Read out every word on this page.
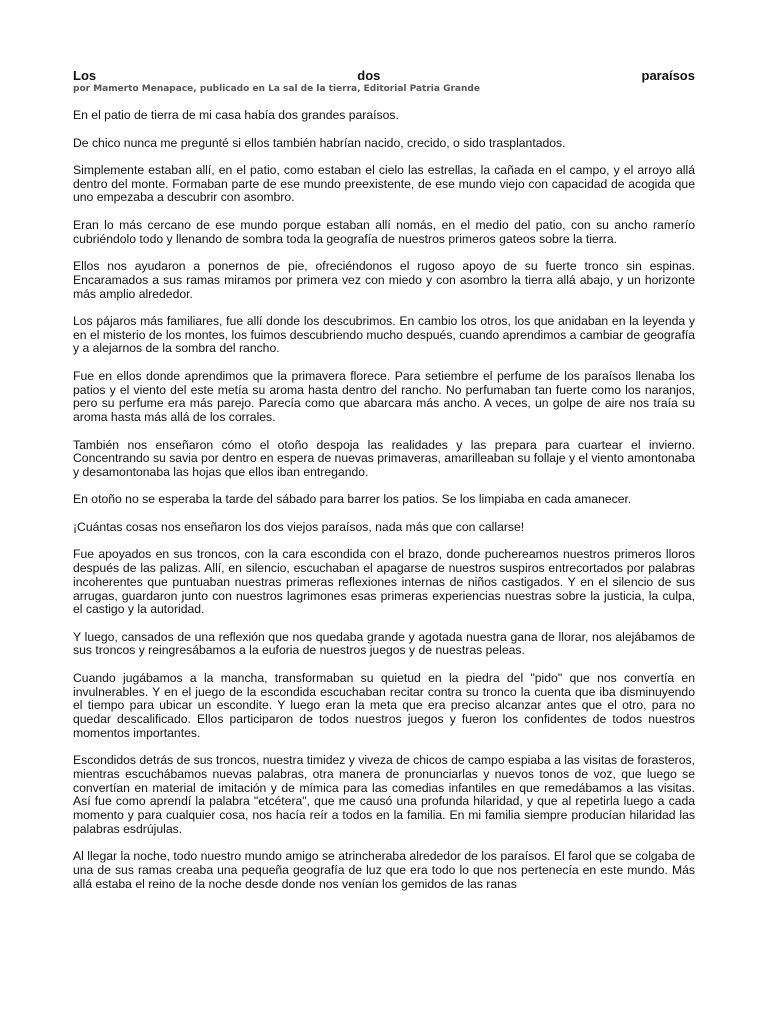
Los	dos	paraísos
por Mamerto Menapace, publicado en La sal de la tierra, Editorial Patria Grande

En el patio de tierra de mi casa había dos grandes paraísos.

De chico nunca me pregunté si ellos también habrían nacido, crecido, o sido trasplantados.

Simplemente estaban allí, en el patio, como estaban el cielo las estrellas, la cañada en el campo, y el arroyo allá dentro del monte. Formaban parte de ese mundo preexistente, de ese mundo viejo con capacidad de acogida que uno empezaba a descubrir con asombro.

Eran lo más cercano de ese mundo porque estaban allí nomás, en el medio del patio, con su ancho ramerío cubriéndolo todo y llenando de sombra toda la geografía de nuestros primeros gateos sobre la tierra.

Ellos nos ayudaron a ponernos de pie, ofreciéndonos el rugoso apoyo de su fuerte tronco sin espinas. Encaramados a sus ramas miramos por primera vez con miedo y con asombro la tierra allá abajo, y un horizonte más amplio alrededor.

Los pájaros más familiares, fue allí donde los descubrimos. En cambio los otros, los que anidaban en la leyenda y en el misterio de los montes, los fuimos descubriendo mucho después, cuando aprendimos a cambiar de geografía y a alejarnos de la sombra del rancho.

Fue en ellos donde aprendimos que la primavera florece. Para setiembre el perfume de los paraísos llenaba los patios y el viento del este metía su aroma hasta dentro del rancho. No perfumaban tan fuerte como los naranjos, pero su perfume era más parejo. Parecía como que abarcara más ancho. A veces, un golpe de aire nos traía su aroma hasta más allá de los corrales.

También nos enseñaron cómo el otoño despoja las realidades y las prepara para cuartear el invierno. Concentrando su savia por dentro en espera de nuevas primaveras, amarilleaban su follaje y el viento amontonaba y desamontonaba las hojas que ellos iban entregando.

En otoño no se esperaba la tarde del sábado para barrer los patios. Se los limpiaba en cada amanecer.

¡Cuántas cosas nos enseñaron los dos viejos paraísos, nada más que con callarse!

Fue apoyados en sus troncos, con la cara escondida con el brazo, donde puchereamos nuestros primeros lloros después de las palizas. Allí, en silencio, escuchaban el apagarse de nuestros suspiros entrecortados por palabras incoherentes que puntuaban nuestras primeras reflexiones internas de niños castigados. Y en el silencio de sus arrugas, guardaron junto con nuestros lagrimones esas primeras experiencias nuestras sobre la justicia, la culpa, el castigo y la autoridad.

Y luego, cansados de una reflexión que nos quedaba grande y agotada nuestra gana de llorar, nos alejábamos de sus troncos y reingresábamos a la euforia de nuestros juegos y de nuestras peleas.

Cuando jugábamos a la mancha, transformaban su quietud en la piedra del "pido" que nos convertía en invulnerables. Y en el juego de la escondida escuchaban recitar contra su tronco la cuenta que iba disminuyendo el tiempo para ubicar un escondite. Y luego eran la meta que era preciso alcanzar antes que el otro, para no quedar descalificado. Ellos participaron de todos nuestros juegos y fueron los confidentes de todos nuestros momentos importantes.

Escondidos detrás de sus troncos, nuestra timidez y viveza de chicos de campo espiaba a las visitas de forasteros, mientras escuchábamos nuevas palabras, otra manera de pronunciarlas y nuevos tonos de voz, que luego se convertían en material de imitación y de mímica para las comedias infantiles en que remedábamos a las visitas. Así fue como aprendí la palabra "etcétera", que me causó una profunda hilaridad, y que al repetirla luego a cada momento y para cualquier cosa, nos hacía reír a todos en la familia. En mi familia siempre producían hilaridad las palabras esdrújulas.

Al llegar la noche, todo nuestro mundo amigo se atrincheraba alrededor de los paraísos. El farol que se colgaba de una de sus ramas creaba una pequeña geografía de luz que era todo lo que nos pertenecía en este mundo. Más allá estaba el reino de la noche desde donde nos venían los gemidos de las ranas
